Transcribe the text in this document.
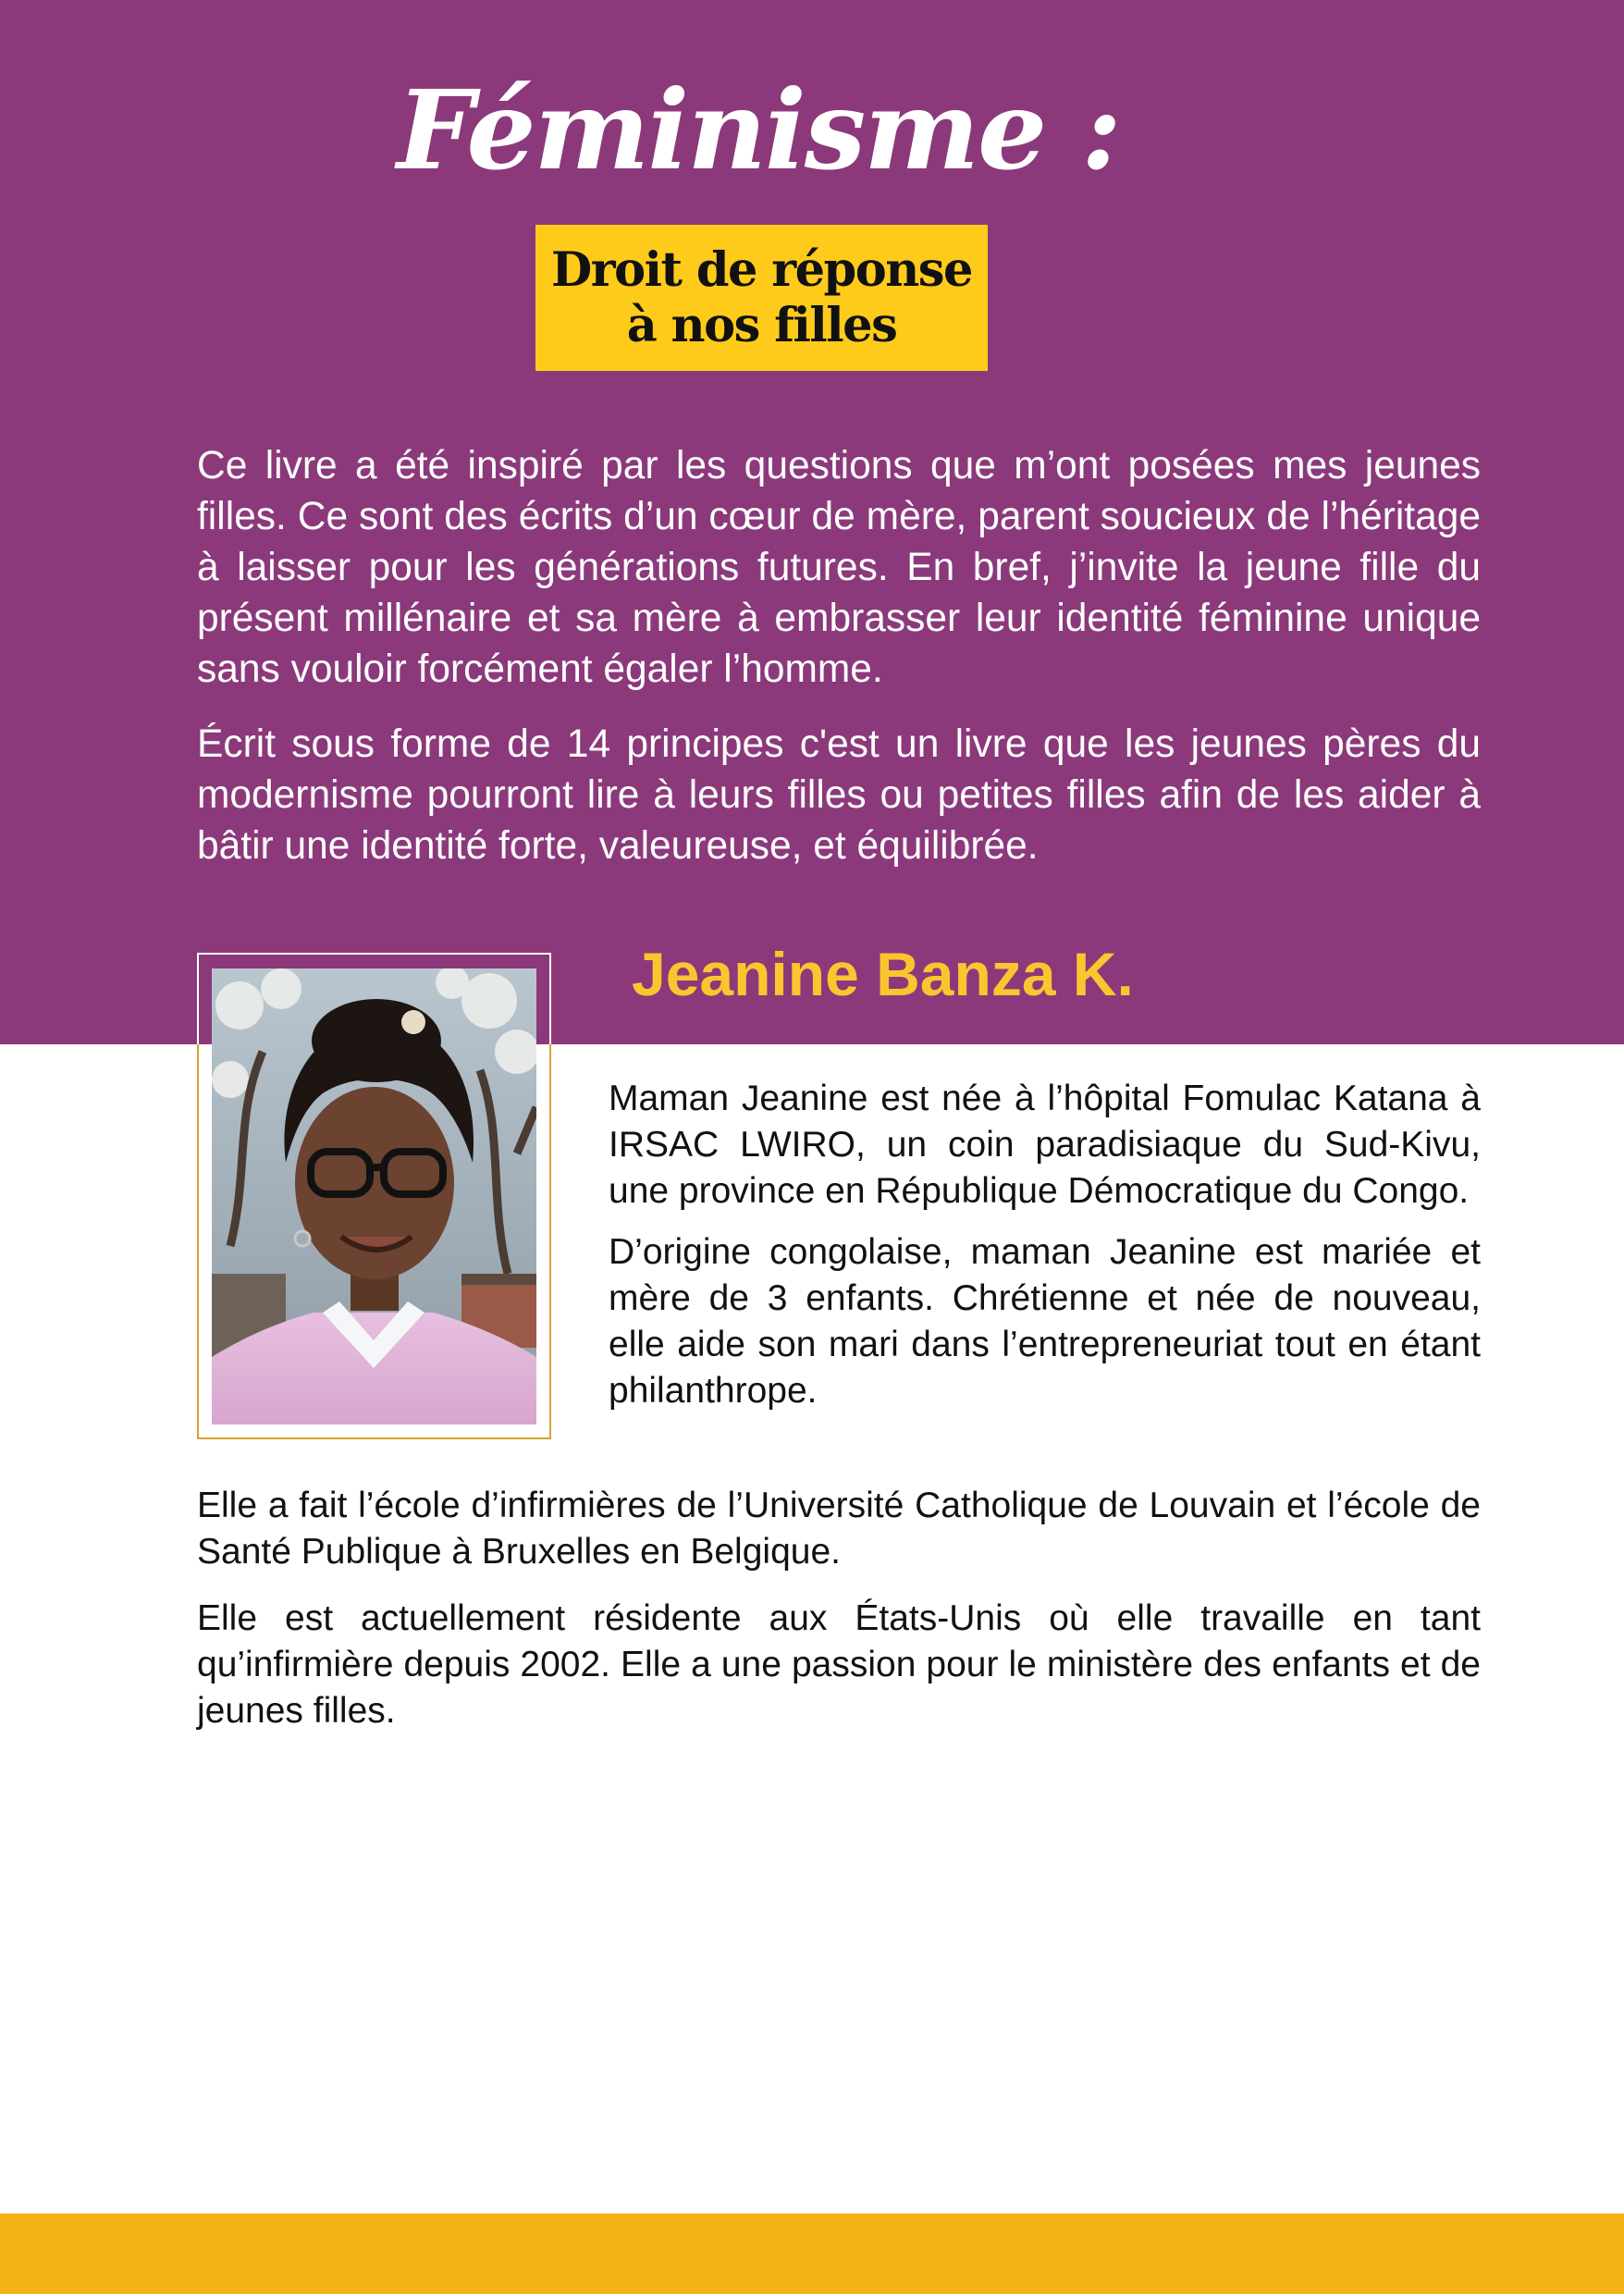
Féminisme :
Droit de réponse
à nos filles

Ce livre a été inspiré par les questions que m’ont posées mes jeunes filles. Ce sont des écrits d’un cœur de mère, parent soucieux de l’héritage à laisser pour les générations futures. En bref, j’invite la jeune fille du présent millénaire et sa mère à embrasser leur identité féminine unique sans vouloir forcément égaler l’homme.

Écrit sous forme de 14 principes c'est un livre que les jeunes pères du modernisme pourront lire à leurs filles ou petites filles afin de les aider à bâtir une identité forte, valeureuse, et équilibrée.

Jeanine Banza K.

Maman Jeanine est née à l’hôpital Fomulac Katana à IRSAC LWIRO, un coin paradisiaque du Sud-Kivu, une province en République Démocratique du Congo.

D’origine congolaise, maman Jeanine est mariée et mère de 3 enfants. Chrétienne et née de nouveau, elle aide son mari dans l’entrepreneuriat tout en étant philanthrope.

Elle a fait l’école d’infirmières de l’Université Catholique de Louvain et l’école de Santé Publique à Bruxelles en Belgique.

Elle est actuellement résidente aux États-Unis où elle travaille en tant qu’infirmière depuis 2002. Elle a une passion pour le ministère des enfants et de jeunes filles.
